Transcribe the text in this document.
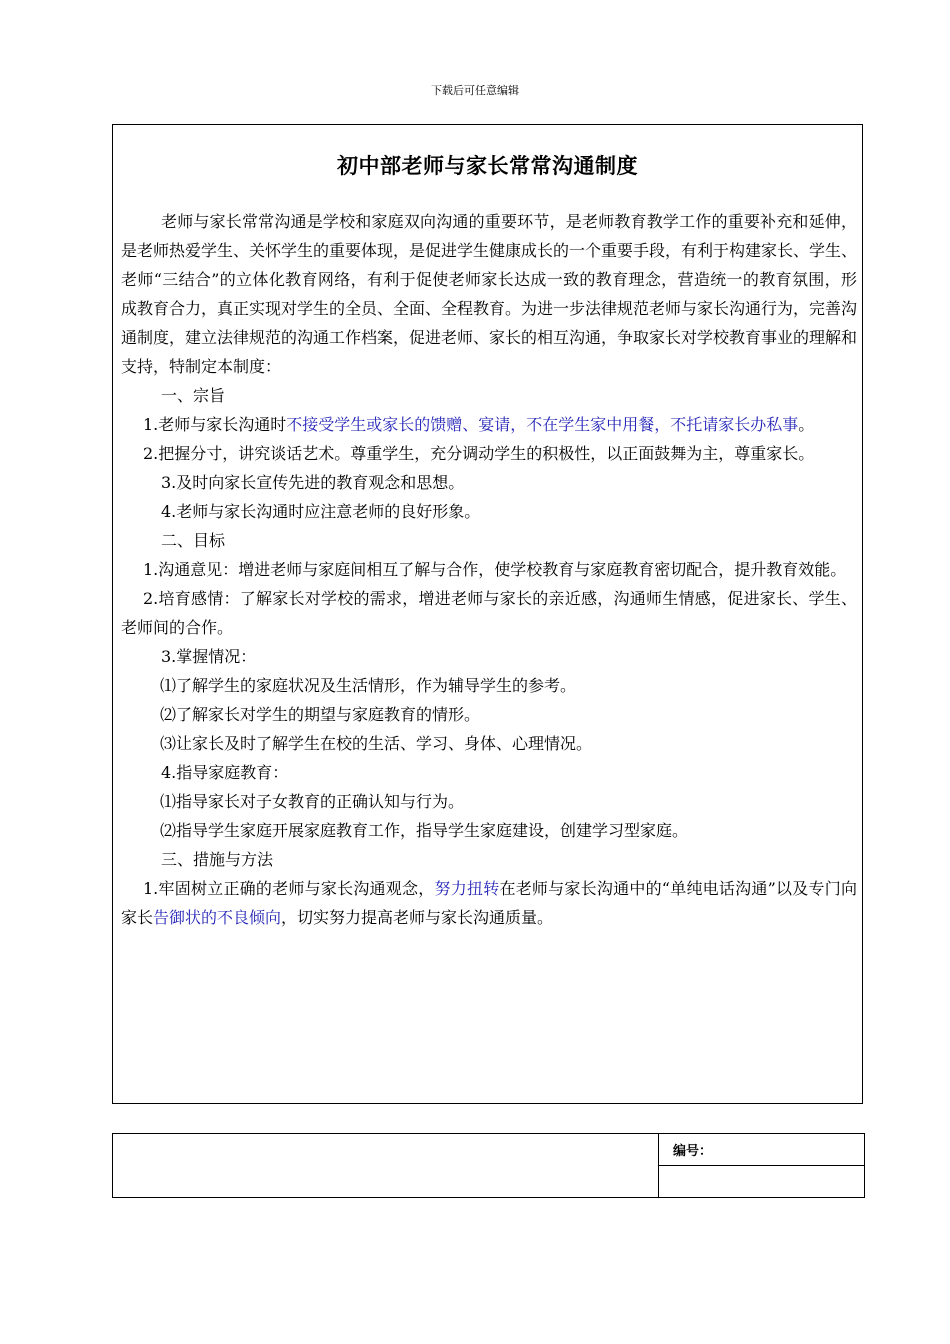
下载后可任意编辑
初中部老师与家长常常沟通制度

老师与家长常常沟通是学校和家庭双向沟通的重要环节，是老师教育教学工作的重要补充和延伸，是老师热爱学生、关怀学生的重要体现，是促进学生健康成长的一个重要手段，有利于构建家长、学生、老师“三结合”的立体化教育网络，有利于促使老师家长达成一致的教育理念，营造统一的教育氛围，形成教育合力，真正实现对学生的全员、全面、全程教育。为进一步法律规范老师与家长沟通行为，完善沟通制度，建立法律规范的沟通工作档案，促进老师、家长的相互沟通，争取家长对学校教育事业的理解和支持，特制定本制度：

一、宗旨

1.老师与家长沟通时不接受学生或家长的馈赠、宴请，不在学生家中用餐，不托请家长办私事。

2.把握分寸，讲究谈话艺术。尊重学生，充分调动学生的积极性，以正面鼓舞为主，尊重家长。

3.及时向家长宣传先进的教育观念和思想。

4.老师与家长沟通时应注意老师的良好形象。

二、目标

1.沟通意见：增进老师与家庭间相互了解与合作，使学校教育与家庭教育密切配合，提升教育效能。

2.培育感情：了解家长对学校的需求，增进老师与家长的亲近感，沟通师生情感，促进家长、学生、老师间的合作。

3.掌握情况：

⑴了解学生的家庭状况及生活情形，作为辅导学生的参考。

⑵了解家长对学生的期望与家庭教育的情形。

⑶让家长及时了解学生在校的生活、学习、身体、心理情况。

4.指导家庭教育：

⑴指导家长对子女教育的正确认知与行为。

⑵指导学生家庭开展家庭教育工作，指导学生家庭建设，创建学习型家庭。

三、措施与方法

1.牢固树立正确的老师与家长沟通观念，努力扭转在老师与家长沟通中的“单纯电话沟通”以及专门向家长告御状的不良倾向，切实努力提高老师与家长沟通质量。

	编号：
